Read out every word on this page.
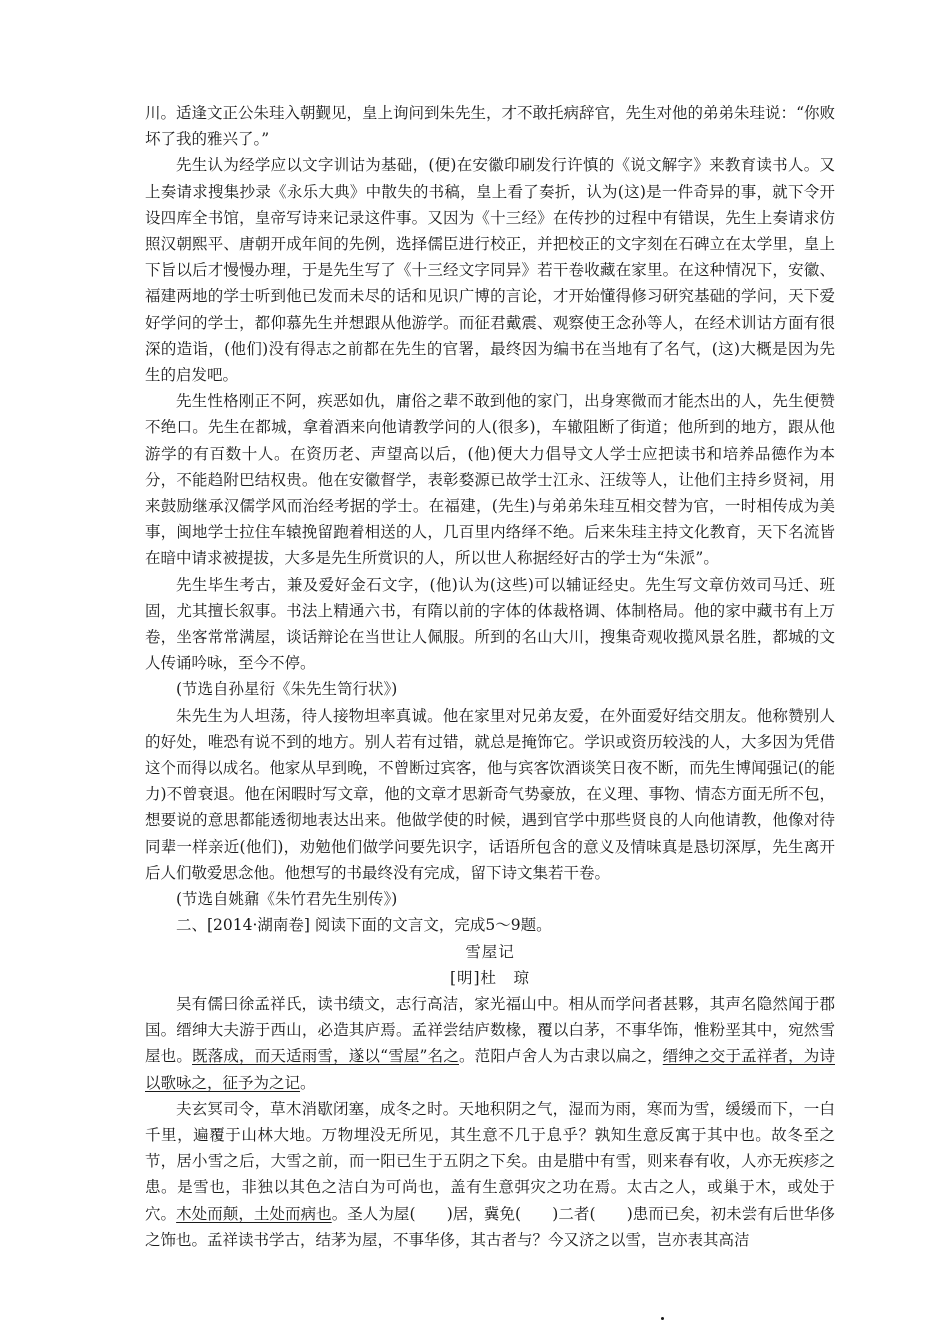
川。适逢文正公朱珪入朝觐见，皇上询问到朱先生，才不敢托病辞官，先生对他的弟弟朱珪说：“你败坏了我的雅兴了。”

先生认为经学应以文字训诂为基础，(便)在安徽印刷发行许慎的《说文解字》来教育读书人。又上奏请求搜集抄录《永乐大典》中散失的书稿，皇上看了奏折，认为(这)是一件奇异的事，就下令开设四库全书馆，皇帝写诗来记录这件事。又因为《十三经》在传抄的过程中有错误，先生上奏请求仿照汉朝熙平、唐朝开成年间的先例，选择儒臣进行校正，并把校正的文字刻在石碑立在太学里，皇上下旨以后才慢慢办理，于是先生写了《十三经文字同异》若干卷收藏在家里。在这种情况下，安徽、福建两地的学士听到他已发而未尽的话和见识广博的言论，才开始懂得修习研究基础的学问，天下爱好学问的学士，都仰慕先生并想跟从他游学。而征君戴震、观察使王念孙等人，在经术训诂方面有很深的造诣，(他们)没有得志之前都在先生的官署，最终因为编书在当地有了名气，(这)大概是因为先生的启发吧。

先生性格刚正不阿，疾恶如仇，庸俗之辈不敢到他的家门，出身寒微而才能杰出的人，先生便赞不绝口。先生在都城，拿着酒来向他请教学问的人(很多)，车辙阻断了街道；他所到的地方，跟从他游学的有百数十人。在资历老、声望高以后，(他)便大力倡导文人学士应把读书和培养品德作为本分，不能趋附巴结权贵。他在安徽督学，表彰婺源已故学士江永、汪绂等人，让他们主持乡贤祠，用来鼓励继承汉儒学风而治经考据的学士。在福建，(先生)与弟弟朱珪互相交替为官，一时相传成为美事，闽地学士拉住车辕挽留跑着相送的人，几百里内络绎不绝。后来朱珪主持文化教育，天下名流皆在暗中请求被提拔，大多是先生所赏识的人，所以世人称据经好古的学士为“朱派”。

先生毕生考古，兼及爱好金石文字，(他)认为(这些)可以辅证经史。先生写文章仿效司马迁、班固，尤其擅长叙事。书法上精通六书，有隋以前的字体的体裁格调、体制格局。他的家中藏书有上万卷，坐客常常满屋，谈话辩论在当世让人佩服。所到的名山大川，搜集奇观收揽风景名胜，都城的文人传诵吟咏，至今不停。

(节选自孙星衍《朱先生笥行状》)

朱先生为人坦荡，待人接物坦率真诚。他在家里对兄弟友爱，在外面爱好结交朋友。他称赞别人的好处，唯恐有说不到的地方。别人若有过错，就总是掩饰它。学识或资历较浅的人，大多因为凭借这个而得以成名。他家从早到晚，不曾断过宾客，他与宾客饮酒谈笑日夜不断，而先生博闻强记(的能力)不曾衰退。他在闲暇时写文章，他的文章才思新奇气势豪放，在义理、事物、情态方面无所不包，想要说的意思都能透彻地表达出来。他做学使的时候，遇到官学中那些贤良的人向他请教，他像对待同辈一样亲近(他们)，劝勉他们做学问要先识字，话语所包含的意义及情味真是恳切深厚，先生离开后人们敬爱思念他。他想写的书最终没有完成，留下诗文集若干卷。

(节选自姚鼐《朱竹君先生别传》)

二、[2014·湖南卷] 阅读下面的文言文，完成5～9题。

雪屋记

[明]杜　琼

吴有儒曰徐孟祥氏，读书绩文，志行高洁，家光福山中。相从而学问者甚夥，其声名隐然闻于郡国。缙绅大夫游于西山，必造其庐焉。孟祥尝结庐数椽，覆以白茅，不事华饰，惟粉垩其中，宛然雪屋也。既落成，而天适雨雪，遂以“雪屋”名之。范阳卢舍人为古隶以扁之，缙绅之交于孟祥者，为诗以歌咏之，征予为之记。

夫玄冥司令，草木消歇闭塞，成冬之时。天地积阴之气，湿而为雨，寒而为雪，缓缓而下，一白千里，遍覆于山林大地。万物埋没无所见，其生意不几于息乎？孰知生意反寓于其中也。故冬至之节，居小雪之后，大雪之前，而一阳已生于五阴之下矣。由是腊中有雪，则来春有收，人亦无疾疹之患。是雪也，非独以其色之洁白为可尚也，盖有生意弭灾之功在焉。太古之人，或巢于木，或处于穴。木处而颠，土处而病也。圣人为屋(　　)居，冀免(　　)二者(　　)患而已矣，初未尝有后世华侈之饰也。孟祥读书学古，结茅为屋，不事华侈，其古者与？今又济之以雪，岂亦表其高洁
